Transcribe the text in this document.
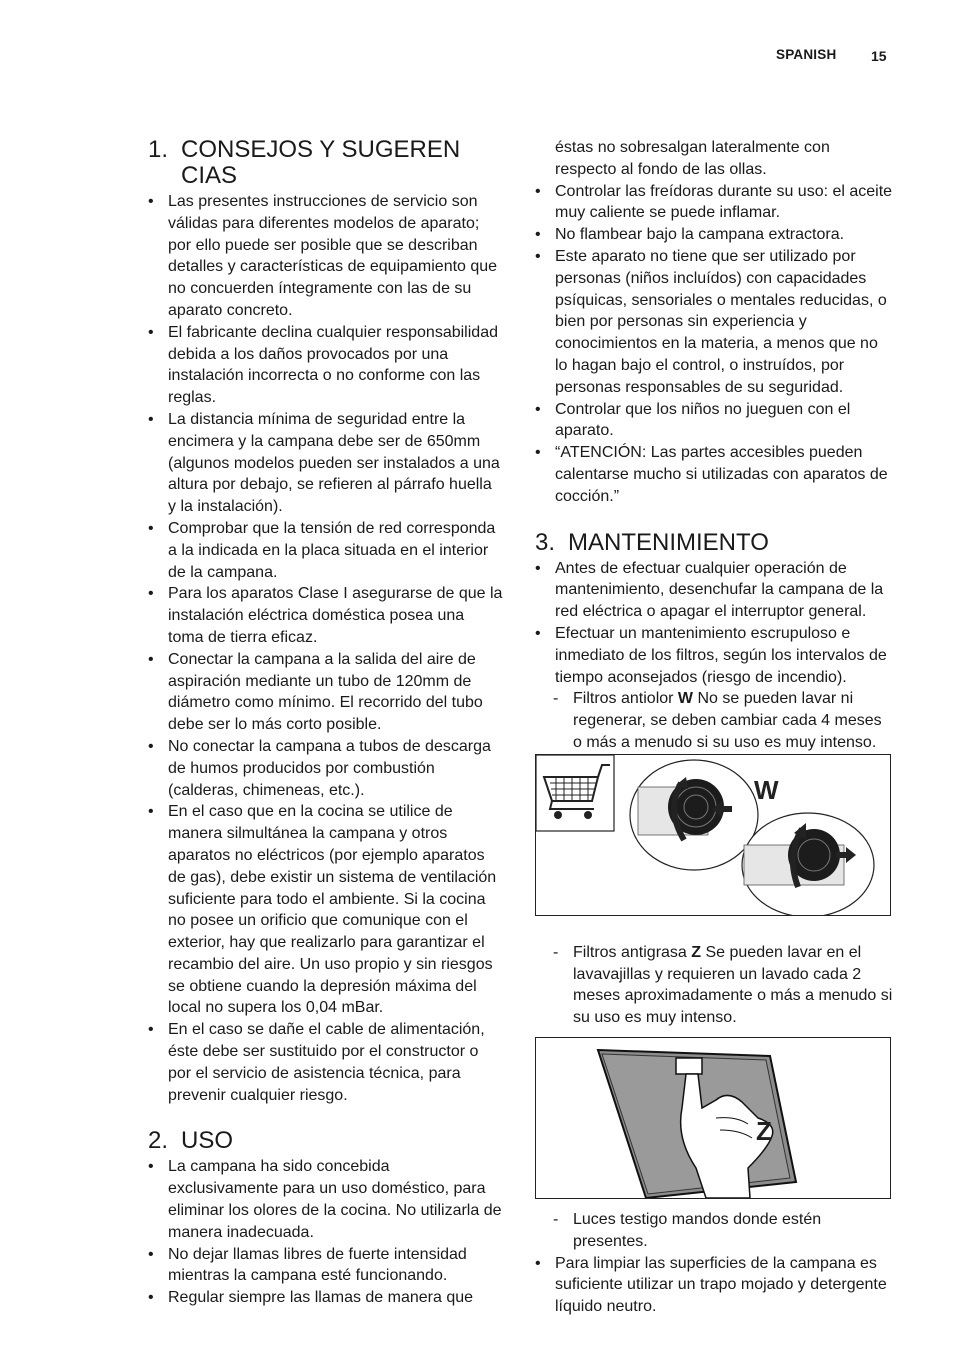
SPANISH 15
1. CONSEJOS Y SUGEREN CIAS
• Las presentes instrucciones de servicio son válidas para diferentes modelos de aparato; por ello puede ser posible que se describan detalles y características de equipamiento que no concuerden íntegramente con las de su aparato concreto.
• El fabricante declina cualquier responsabilidad debida a los daños provocados por una instalación incorrecta o no conforme con las reglas.
• La distancia mínima de seguridad entre la encimera y la campana debe ser de 650mm (algunos modelos pueden ser instalados a una altura por debajo, se refieren al párrafo huella y la instalación).
• Comprobar que la tensión de red corresponda a la indicada en la placa situada en el interior de la campana.
• Para los aparatos Clase I asegurarse de que la instalación eléctrica doméstica posea una toma de tierra eficaz.
• Conectar la campana a la salida del aire de aspiración mediante un tubo de 120mm de diámetro como mínimo. El recorrido del tubo debe ser lo más corto posible.
• No conectar la campana a tubos de descarga de humos producidos por combustión (calderas, chimeneas, etc.).
• En el caso que en la cocina se utilice de manera silmultánea la campana y otros aparatos no eléctricos (por ejemplo aparatos de gas), debe existir un sistema de ventilación suficiente para todo el ambiente. Si la cocina no posee un orificio que comunique con el exterior, hay que realizarlo para garantizar el recambio del aire. Un uso propio y sin riesgos se obtiene cuando la depresión máxima del local no supera los 0,04 mBar.
• En el caso se dañe el cable de alimentación, éste debe ser sustituido por el constructor o por el servicio de asistencia técnica, para prevenir cualquier riesgo.
2. USO
• La campana ha sido concebida exclusivamente para un uso doméstico, para eliminar los olores de la cocina. No utilizarla de manera inadecuada.
• No dejar llamas libres de fuerte intensidad mientras la campana esté funcionando.
• Regular siempre las llamas de manera que
éstas no sobresalgan lateralmente con respecto al fondo de las ollas.
• Controlar las freídoras durante su uso: el aceite muy caliente se puede inflamar.
• No flambear bajo la campana extractora.
• Este aparato no tiene que ser utilizado por personas (niños incluídos) con capacidades psíquicas, sensoriales o mentales reducidas, o bien por personas sin experiencia y conocimientos en la materia, a menos que no lo hagan bajo el control, o instruídos, por personas responsables de su seguridad.
• Controlar que los niños no jueguen con el aparato.
• “ATENCIÓN: Las partes accesibles pueden calentarse mucho si utilizadas con aparatos de cocción.”
3. MANTENIMIENTO
• Antes de efectuar cualquier operación de mantenimiento, desenchufar la campana de la red eléctrica o apagar el interruptor general.
• Efectuar un mantenimiento escrupuloso e inmediato de los filtros, según los intervalos de tiempo aconsejados (riesgo de incendio).
- Filtros antiolor W No se pueden lavar ni regenerar, se deben cambiar cada 4 meses o más a menudo si su uso es muy intenso.
W
- Filtros antigrasa Z Se pueden lavar en el lavavajillas y requieren un lavado cada 2 meses aproximadamente o más a menudo si su uso es muy intenso.
Z
- Luces testigo mandos donde estén presentes.
• Para limpiar las superficies de la campana es suficiente utilizar un trapo mojado y detergente líquido neutro.
